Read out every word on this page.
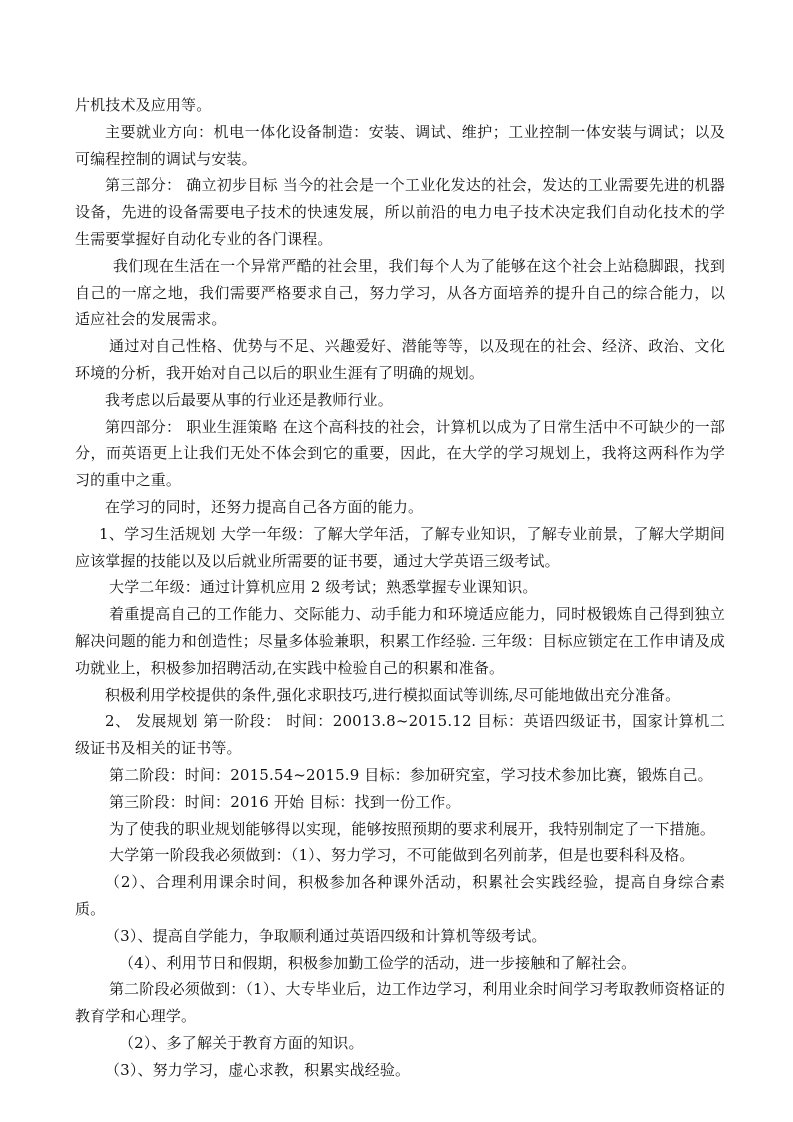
片机技术及应用等。

主要就业方向：机电一体化设备制造：安装、调试、维护；工业控制一体安装与调试；以及可编程控制的调试与安装。

第三部分： 确立初步目标 当今的社会是一个工业化发达的社会，发达的工业需要先进的机器设备，先进的设备需要电子技术的快速发展，所以前沿的电力电子技术决定我们自动化技术的学生需要掌握好自动化专业的各门课程。

我们现在生活在一个异常严酷的社会里，我们每个人为了能够在这个社会上站稳脚跟，找到自己的一席之地，我们需要严格要求自己，努力学习，从各方面培养的提升自己的综合能力，以适应社会的发展需求。

通过对自己性格、优势与不足、兴趣爱好、潜能等等，以及现在的社会、经济、政治、文化环境的分析，我开始对自己以后的职业生涯有了明确的规划。

我考虑以后最要从事的行业还是教师行业。

第四部分： 职业生涯策略 在这个高科技的社会，计算机以成为了日常生活中不可缺少的一部分，而英语更上让我们无处不体会到它的重要，因此，在大学的学习规划上，我将这两科作为学习的重中之重。

在学习的同时，还努力提高自己各方面的能力。

1、学习生活规划 大学一年级：了解大学年活，了解专业知识，了解专业前景，了解大学期间应该掌握的技能以及以后就业所需要的证书要，通过大学英语三级考试。

大学二年级：通过计算机应用 2 级考试；熟悉掌握专业课知识。

着重提高自己的工作能力、交际能力、动手能力和环境适应能力，同时极锻炼自己得到独立解决问题的能力和创造性；尽量多体验兼职，积累工作经验. 三年级：目标应锁定在工作申请及成功就业上，积极参加招聘活动,在实践中检验自己的积累和准备。

积极利用学校提供的条件,强化求职技巧,进行模拟面试等训练,尽可能地做出充分准备。

2、 发展规划 第一阶段： 时间：20013.8~2015.12 目标：英语四级证书，国家计算机二级证书及相关的证书等。

第二阶段：时间：2015.54~2015.9 目标：参加研究室，学习技术参加比赛，锻炼自己。

第三阶段：时间：2016 开始 目标：找到一份工作。

为了使我的职业规划能够得以实现，能够按照预期的要求利展开，我特别制定了一下措施。

大学第一阶段我必须做到：（1）、努力学习，不可能做到名列前茅，但是也要科科及格。

（2）、合理利用课余时间，积极参加各种课外活动，积累社会实践经验，提高自身综合素质。

（3）、提高自学能力，争取顺利通过英语四级和计算机等级考试。

（4）、利用节日和假期，积极参加勤工俭学的活动，进一步接触和了解社会。

第二阶段必须做到：（1）、大专毕业后，边工作边学习，利用业余时间学习考取教师资格证的教育学和心理学。

（2）、多了解关于教育方面的知识。

（3）、努力学习，虚心求教，积累实战经验。
